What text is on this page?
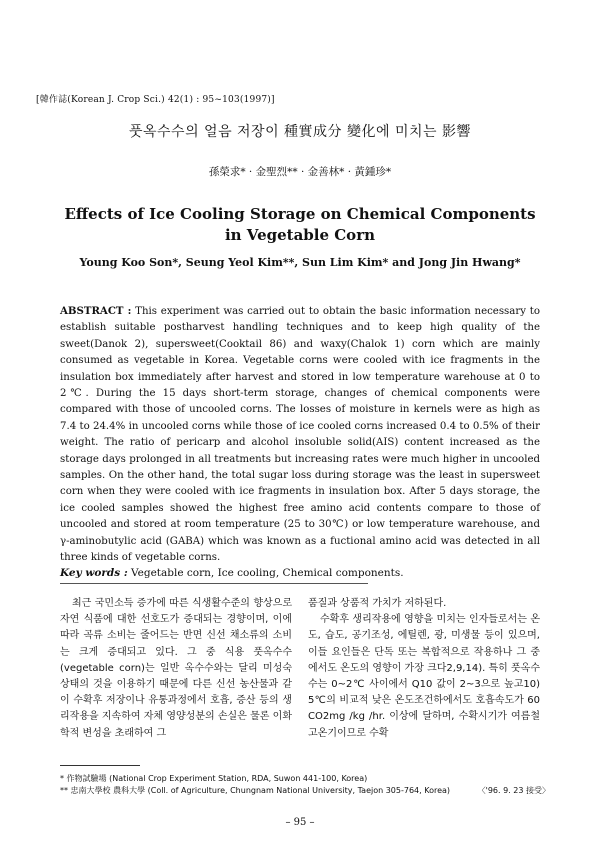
[韓作誌(Korean J. Crop Sci.) 42(1) : 95~103(1997)]
풋옥수수의 얼음 저장이 種實成分 變化에 미치는 影響
孫榮求* · 金聖烈** · 金善林* · 黃鍾珍*
Effects of Ice Cooling Storage on Chemical Components
in Vegetable Corn
Young Koo Son*, Seung Yeol Kim**, Sun Lim Kim* and Jong Jin Hwang*
ABSTRACT : This experiment was carried out to obtain the basic information necessary to establish suitable postharvest handling techniques and to keep high quality of the sweet(Danok 2), supersweet(Cooktail 86) and waxy(Chalok 1) corn which are mainly consumed as vegetable in Korea. Vegetable corns were cooled with ice fragments in the insulation box immediately after harvest and stored in low temperature warehouse at 0 to 2℃. During the 15 days short-term storage, changes of chemical components were compared with those of uncooled corns. The losses of moisture in kernels were as high as 7.4 to 24.4% in uncooled corns while those of ice cooled corns increased 0.4 to 0.5% of their weight. The ratio of pericarp and alcohol insoluble solid(AIS) content increased as the storage days prolonged in all treatments but increasing rates were much higher in uncooled samples. On the other hand, the total sugar loss during storage was the least in supersweet corn when they were cooled with ice fragments in insulation box. After 5 days storage, the ice cooled samples showed the highest free amino acid contents compare to those of uncooled and stored at room temperature (25 to 30℃) or low temperature warehouse, and γ-aminobutylic acid (GABA) which was known as a fuctional amino acid was detected in all three kinds of vegetable corns.
Key words : Vegetable corn, Ice cooling, Chemical components.

최근 국민소득 증가에 따른 식생활수준의 향상으로 자연 식품에 대한 선호도가 증대되는 경향이며, 이에 따라 곡류 소비는 줄어드는 반면 신선 채소류의 소비는 크게 증대되고 있다. 그 중 식용 풋옥수수(vegetable corn)는 일반 옥수수와는 달리 미성숙 상태의 것을 이용하기 때문에 다른 신선 농산물과 같이 수확후 저장이나 유통과정에서 호흡, 증산 등의 생리작용을 지속하여 자체 영양성분의 손실은 물론 이화학적 변성을 초래하여 그

품질과 상품적 가치가 저하된다.

수확후 생리작용에 영향을 미치는 인자들로서는 온도, 습도, 공기조성, 에틸렌, 광, 미생물 등이 있으며, 이들 요인들은 단독 또는 복합적으로 작용하나 그 중에서도 온도의 영향이 가장 크다2,9,14). 특히 풋옥수수는 0~2℃ 사이에서 Q10 값이 2~3으로 높고10) 5℃의 비교적 낮은 온도조건하에서도 호흡속도가 60 CO2mg /kg /hr. 이상에 달하며, 수확시기가 여름철 고온기이므로 수확

* 作物試驗場 (National Crop Experiment Station, RDA, Suwon 441-100, Korea)
** 忠南大學校 農科大學 (Coll. of Agriculture, Chungnam National University, Taejon 305-764, Korea)	〈'96. 9. 23 接受〉
– 95 –
